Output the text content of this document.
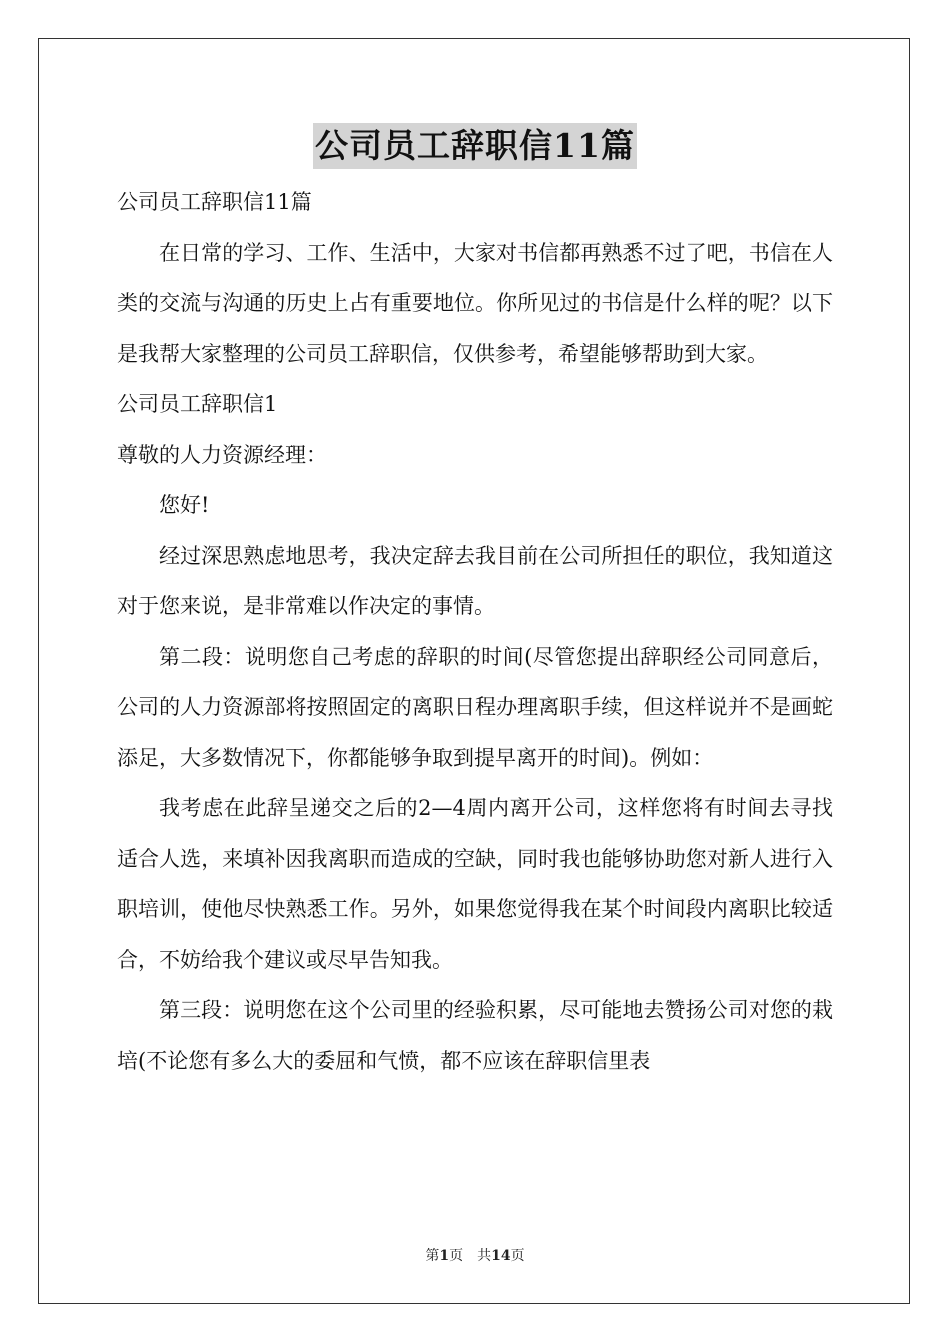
公司员工辞职信11篇

公司员工辞职信11篇

在日常的学习、工作、生活中，大家对书信都再熟悉不过了吧，书信在人类的交流与沟通的历史上占有重要地位。你所见过的书信是什么样的呢？以下是我帮大家整理的公司员工辞职信，仅供参考，希望能够帮助到大家。

公司员工辞职信1

尊敬的人力资源经理：

您好!

经过深思熟虑地思考，我决定辞去我目前在公司所担任的职位，我知道这对于您来说，是非常难以作决定的事情。

第二段：说明您自己考虑的辞职的时间(尽管您提出辞职经公司同意后，公司的人力资源部将按照固定的离职日程办理离职手续，但这样说并不是画蛇添足，大多数情况下，你都能够争取到提早离开的时间)。例如：

我考虑在此辞呈递交之后的2—4周内离开公司，这样您将有时间去寻找适合人选，来填补因我离职而造成的空缺，同时我也能够协助您对新人进行入职培训，使他尽快熟悉工作。另外，如果您觉得我在某个时间段内离职比较适合，不妨给我个建议或尽早告知我。

第三段：说明您在这个公司里的经验积累，尽可能地去赞扬公司对您的栽培(不论您有多么大的委屈和气愤，都不应该在辞职信里表

第1页 共14页
